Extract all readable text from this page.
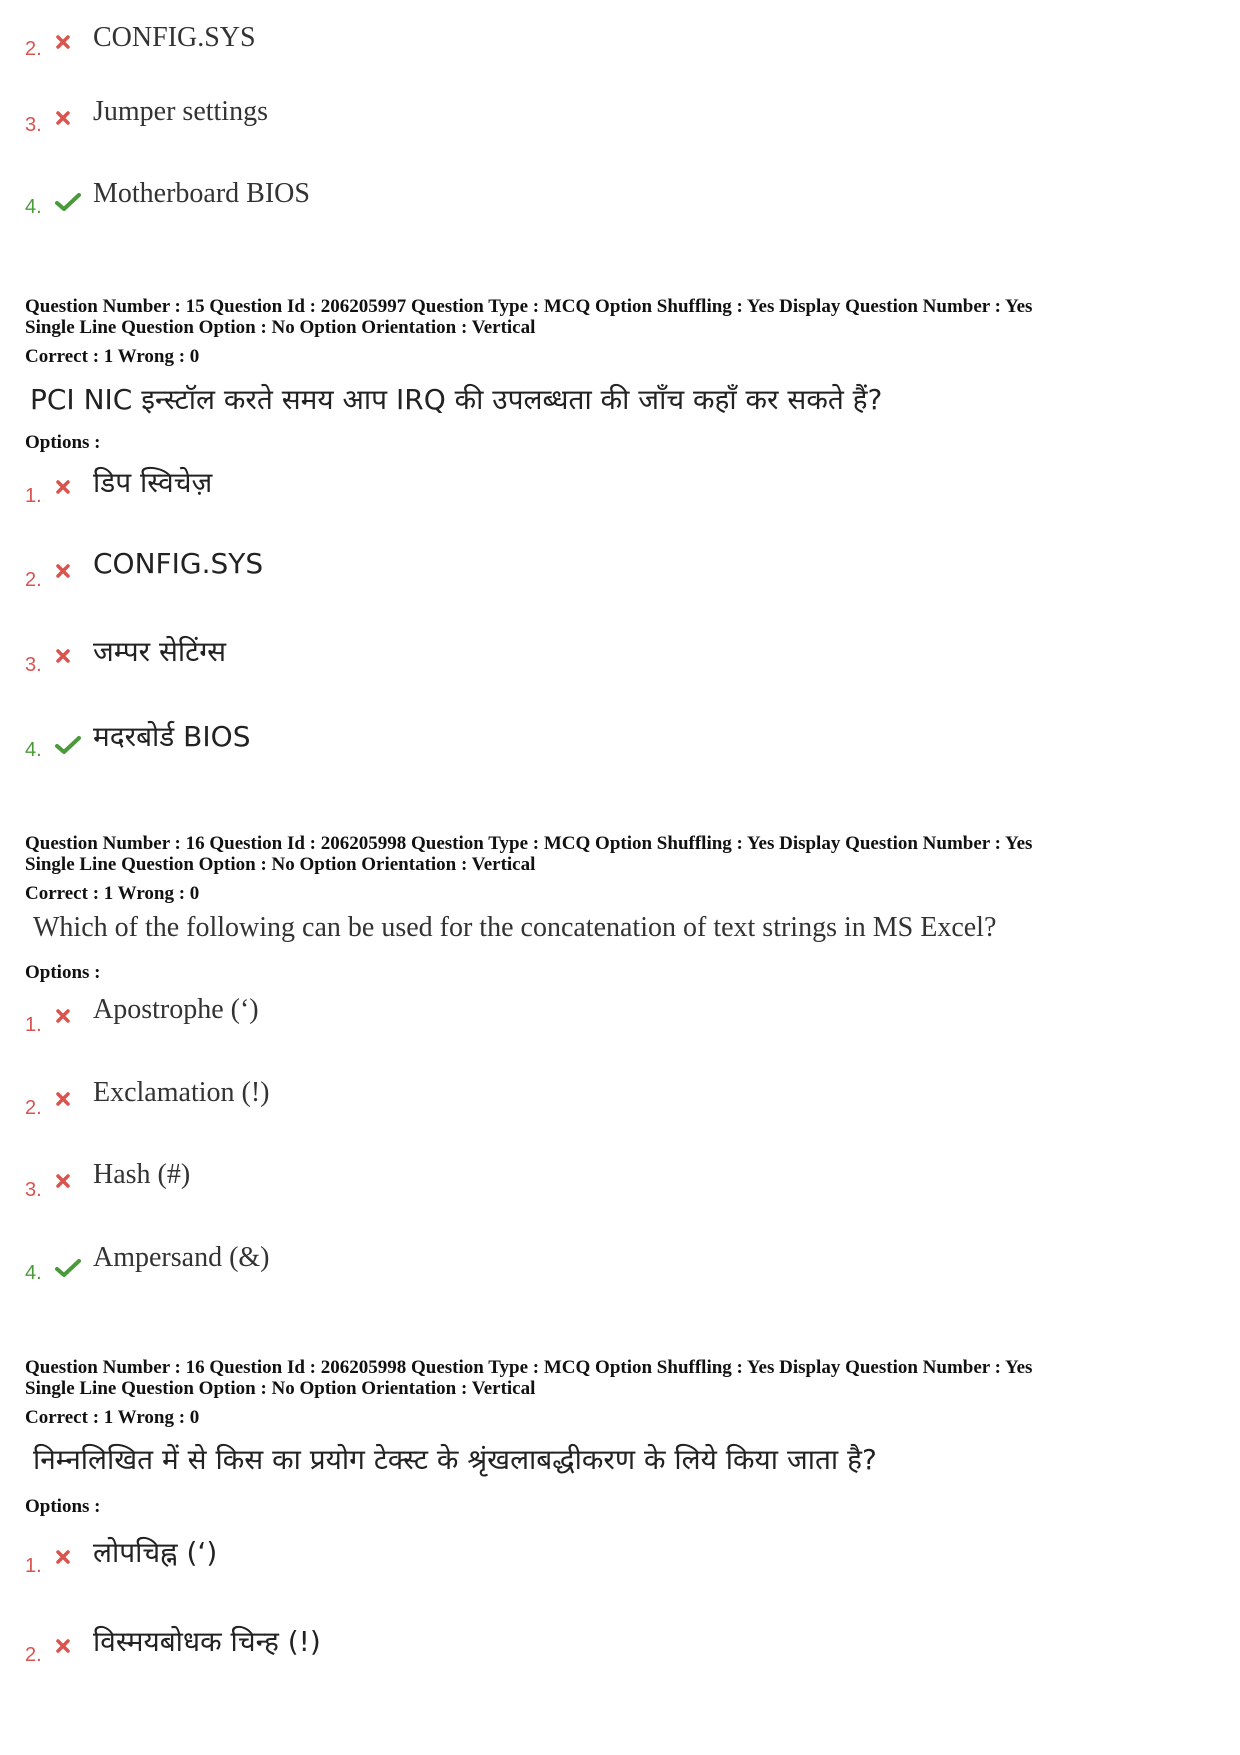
2. CONFIG.SYS
3. Jumper settings
4. Motherboard BIOS
Question Number : 15 Question Id : 206205997 Question Type : MCQ Option Shuffling : Yes Display Question Number : Yes
Single Line Question Option : No Option Orientation : Vertical
Correct : 1 Wrong : 0
PCI NIC इन्स्टॉल करते समय आप IRQ की उपलब्धता की जाँच कहाँ कर सकते हैं?
Options :
1. डिप स्विचेज़
2. CONFIG.SYS
3. जम्पर सेटिंग्स
4. मदरबोर्ड BIOS
Question Number : 16 Question Id : 206205998 Question Type : MCQ Option Shuffling : Yes Display Question Number : Yes
Single Line Question Option : No Option Orientation : Vertical
Correct : 1 Wrong : 0
Which of the following can be used for the concatenation of text strings in MS Excel?
Options :
1. Apostrophe (‘)
2. Exclamation (!)
3. Hash (#)
4. Ampersand (&)
Question Number : 16 Question Id : 206205998 Question Type : MCQ Option Shuffling : Yes Display Question Number : Yes
Single Line Question Option : No Option Orientation : Vertical
Correct : 1 Wrong : 0
निम्नलिखित में से किस का प्रयोग टेक्स्ट के श्रृंखलाबद्धीकरण के लिये किया जाता है?
Options :
1. लोपचिह्न (‘)
2. विस्मयबोधक चिन्ह (!)
